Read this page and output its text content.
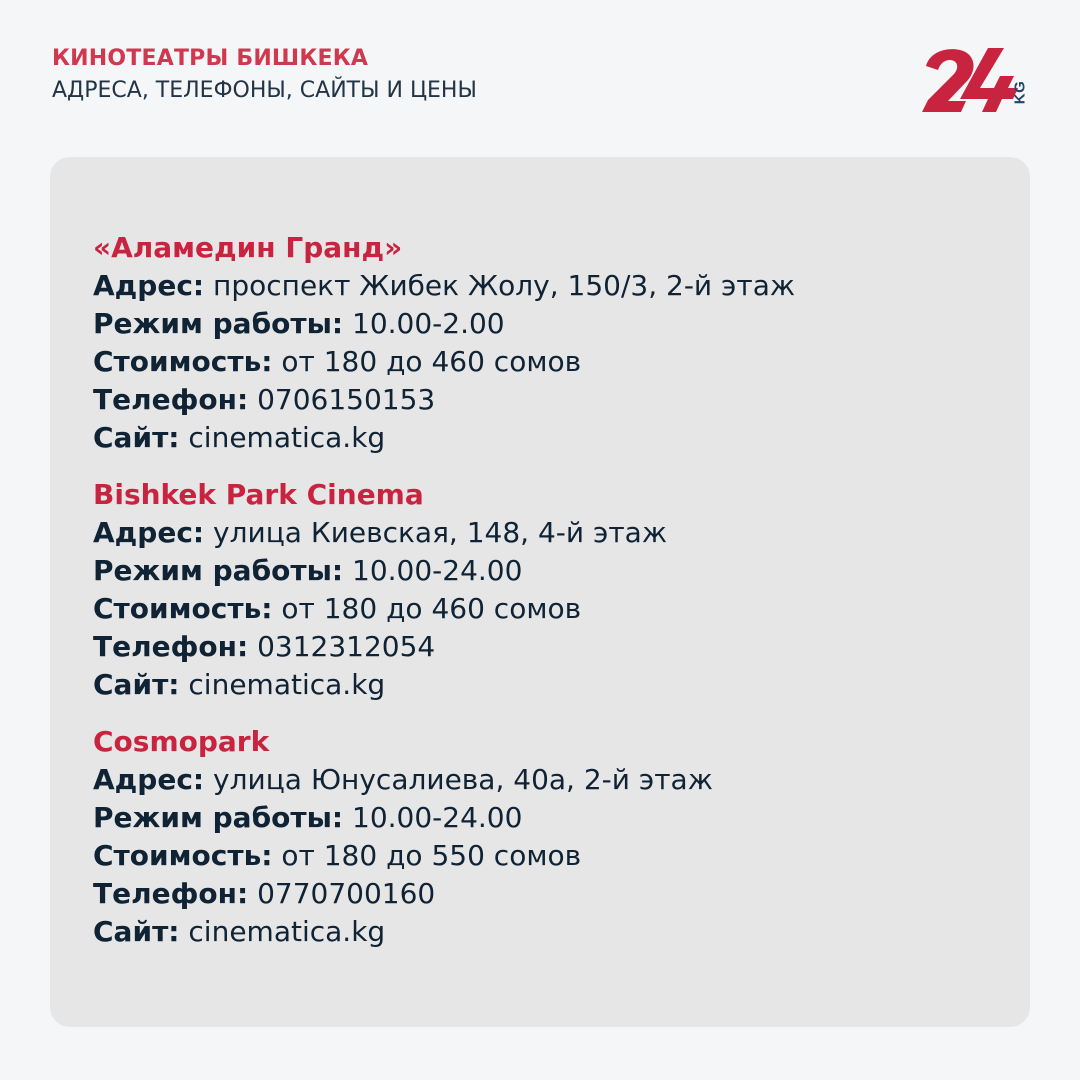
КИНОТЕАТРЫ БИШКЕКА
АДРЕСА, ТЕЛЕФОНЫ, САЙТЫ И ЦЕНЫ	KG
«Аламедин Гранд»
Адрес: проспект Жибек Жолу, 150/3, 2-й этаж
Режим работы: 10.00-2.00
Стоимость: от 180 до 460 сомов
Телефон: 0706150153
Сайт: cinematica.kg
Bishkek Park Cinema
Адрес: улица Киевская, 148, 4-й этаж
Режим работы: 10.00-24.00
Стоимость: от 180 до 460 сомов
Телефон: 0312312054
Сайт: cinematica.kg
Cosmopark
Адрес: улица Юнусалиева, 40а, 2-й этаж
Режим работы: 10.00-24.00
Стоимость: от 180 до 550 сомов
Телефон: 0770700160
Сайт: cinematica.kg
